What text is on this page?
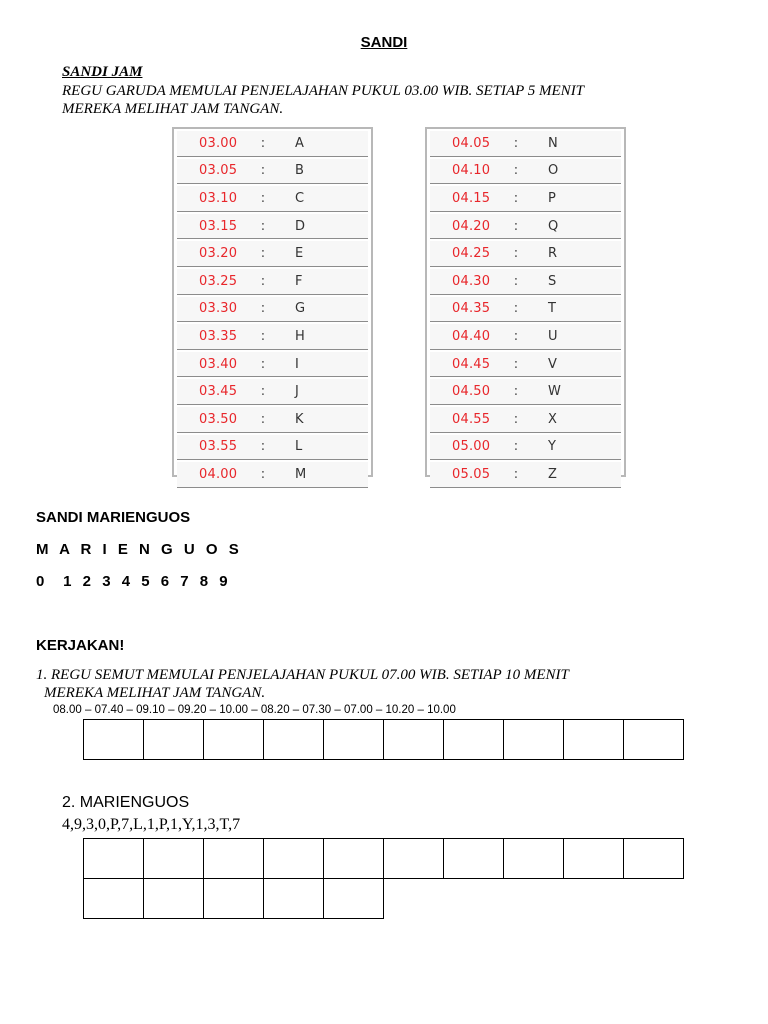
SANDI
SANDI JAM
REGU GARUDA MEMULAI PENJELAJAHAN PUKUL 03.00 WIB. SETIAP 5 MENIT
MEREKA MELIHAT JAM TANGAN.
03.00	:	A
03.05	:	B
03.10	:	C
03.15	:	D
03.20	:	E
03.25	:	F
03.30	:	G
03.35	:	H
03.40	:	I
03.45	:	J
03.50	:	K
03.55	:	L
04.00	:	M
04.05	:	N
04.10	:	O
04.15	:	P
04.20	:	Q
04.25	:	R
04.30	:	S
04.35	:	T
04.40	:	U
04.45	:	V
04.50	:	W
04.55	:	X
05.00	:	Y
05.05	:	Z
SANDI MARIENGUOS
M A R I E N G U O S
0  1 2 3 4 5 6 7 8 9
KERJAKAN!
1. REGU SEMUT MEMULAI PENJELAJAHAN PUKUL 07.00 WIB. SETIAP 10 MENIT
MEREKA MELIHAT JAM TANGAN.
08.00 – 07.40 – 09.10 – 09.20 – 10.00 – 08.20 – 07.30 – 07.00 – 10.20 – 10.00

2. MARIENGUOS
4,9,3,0,P,7,L,1,P,1,Y,1,3,T,7
